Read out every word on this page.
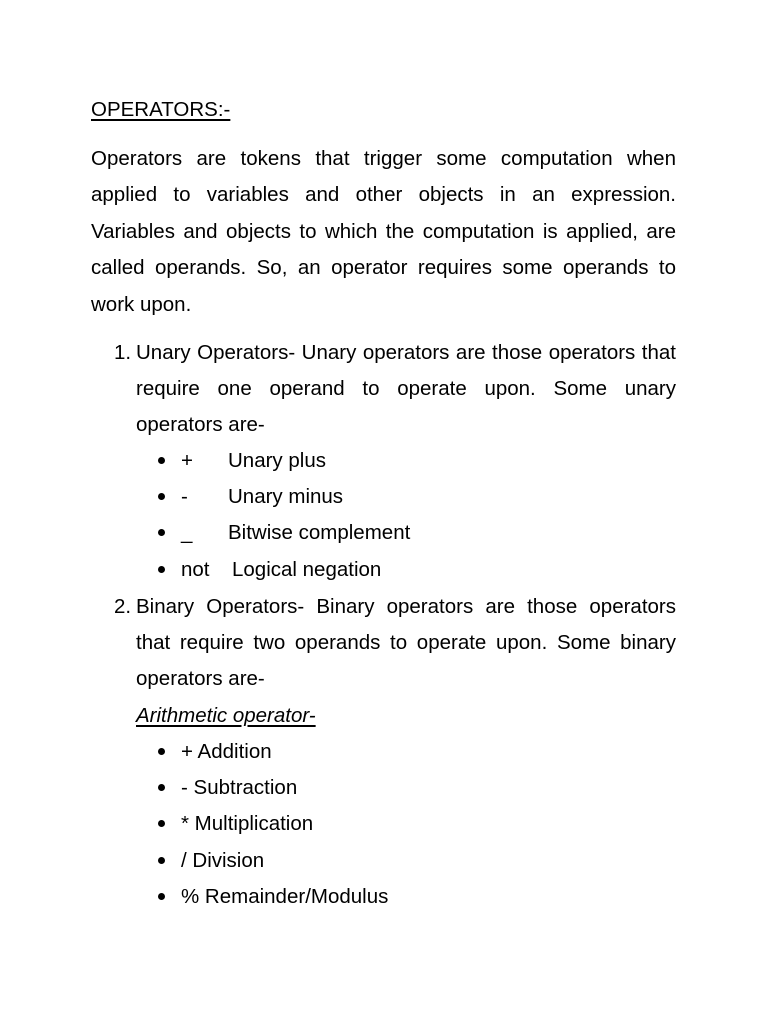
OPERATORS:-
Operators are tokens that trigger some computation when applied to variables and other objects in an expression. Variables and objects to which the computation is applied, are called operands. So, an operator requires some operands to work upon.
1. Unary Operators- Unary operators are those operators that require one operand to operate upon. Some unary operators are-
+ Unary plus
- Unary minus
_ Bitwise complement
not Logical negation
2. Binary Operators- Binary operators are those operators that require two operands to operate upon. Some binary operators are-
Arithmetic operator-
+ Addition
- Subtraction
* Multiplication
/ Division
% Remainder/Modulus
